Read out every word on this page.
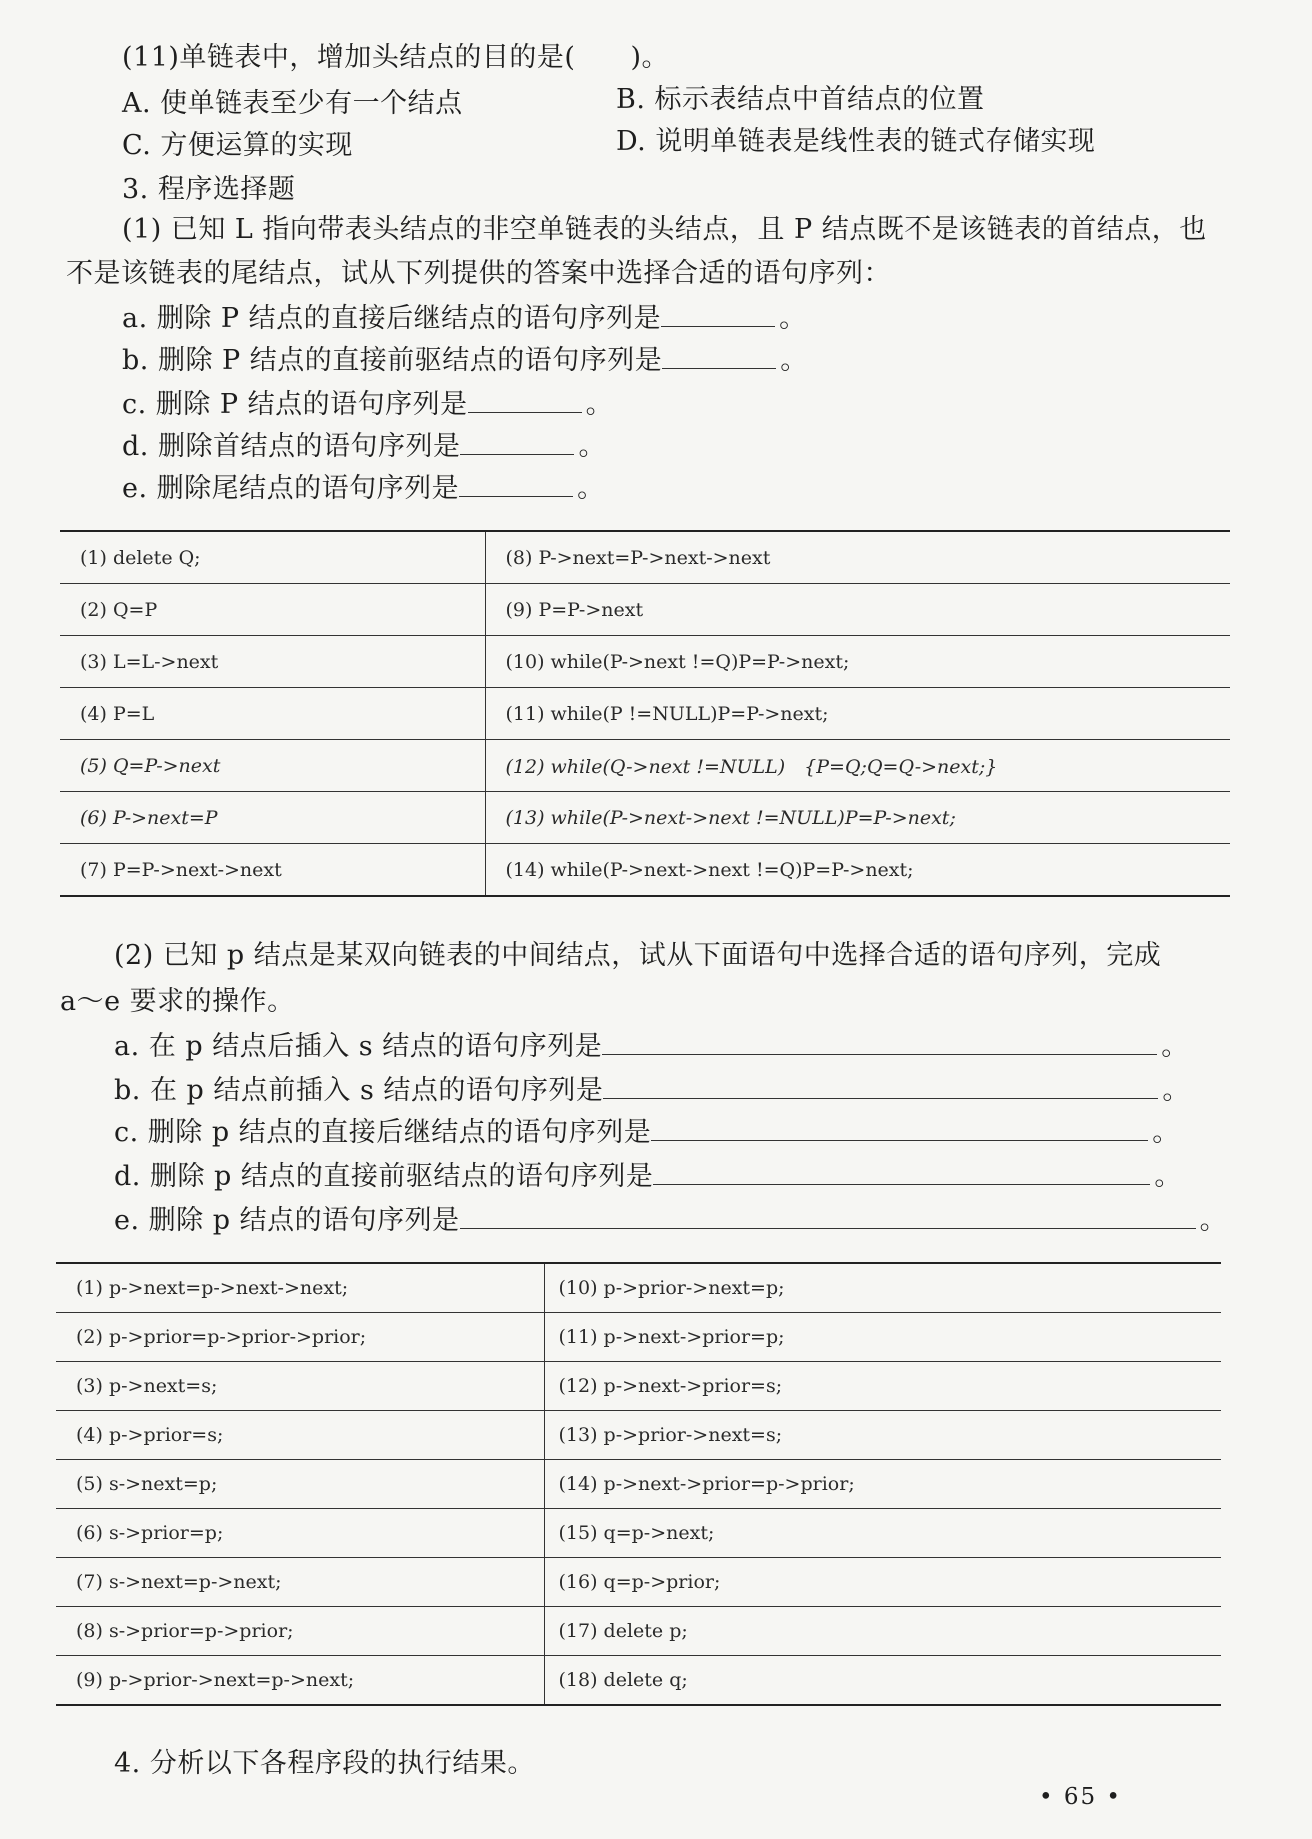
(11)单链表中，增加头结点的目的是(　　)。
A. 使单链表至少有一个结点	B. 标示表结点中首结点的位置
C. 方便运算的实现	D. 说明单链表是线性表的链式存储实现
3. 程序选择题
(1) 已知 L 指向带表头结点的非空单链表的头结点，且 P 结点既不是该链表的首结点，也
不是该链表的尾结点，试从下列提供的答案中选择合适的语句序列：
a. 删除 P 结点的直接后继结点的语句序列是	。
b. 删除 P 结点的直接前驱结点的语句序列是	。
c. 删除 P 结点的语句序列是	。
d. 删除首结点的语句序列是	。
e. 删除尾结点的语句序列是	。
(1) delete Q;	(8) P->next=P->next->next
(2) Q=P	(9) P=P->next
(3) L=L->next	(10) while(P->next !=Q)P=P->next;
(4) P=L	(11) while(P !=NULL)P=P->next;
(5) Q=P->next	(12) while(Q->next !=NULL)　{P=Q;Q=Q->next;}
(6) P->next=P	(13) while(P->next->next !=NULL)P=P->next;
(7) P=P->next->next	(14) while(P->next->next !=Q)P=P->next;
(2) 已知 p 结点是某双向链表的中间结点，试从下面语句中选择合适的语句序列，完成
a～e 要求的操作。
a. 在 p 结点后插入 s 结点的语句序列是	。
b. 在 p 结点前插入 s 结点的语句序列是	。
c. 删除 p 结点的直接后继结点的语句序列是	。
d. 删除 p 结点的直接前驱结点的语句序列是	。
e. 删除 p 结点的语句序列是	。
(1) p->next=p->next->next;	(10) p->prior->next=p;
(2) p->prior=p->prior->prior;	(11) p->next->prior=p;
(3) p->next=s;	(12) p->next->prior=s;
(4) p->prior=s;	(13) p->prior->next=s;
(5) s->next=p;	(14) p->next->prior=p->prior;
(6) s->prior=p;	(15) q=p->next;
(7) s->next=p->next;	(16) q=p->prior;
(8) s->prior=p->prior;	(17) delete p;
(9) p->prior->next=p->next;	(18) delete q;
4. 分析以下各程序段的执行结果。
• 65 •
